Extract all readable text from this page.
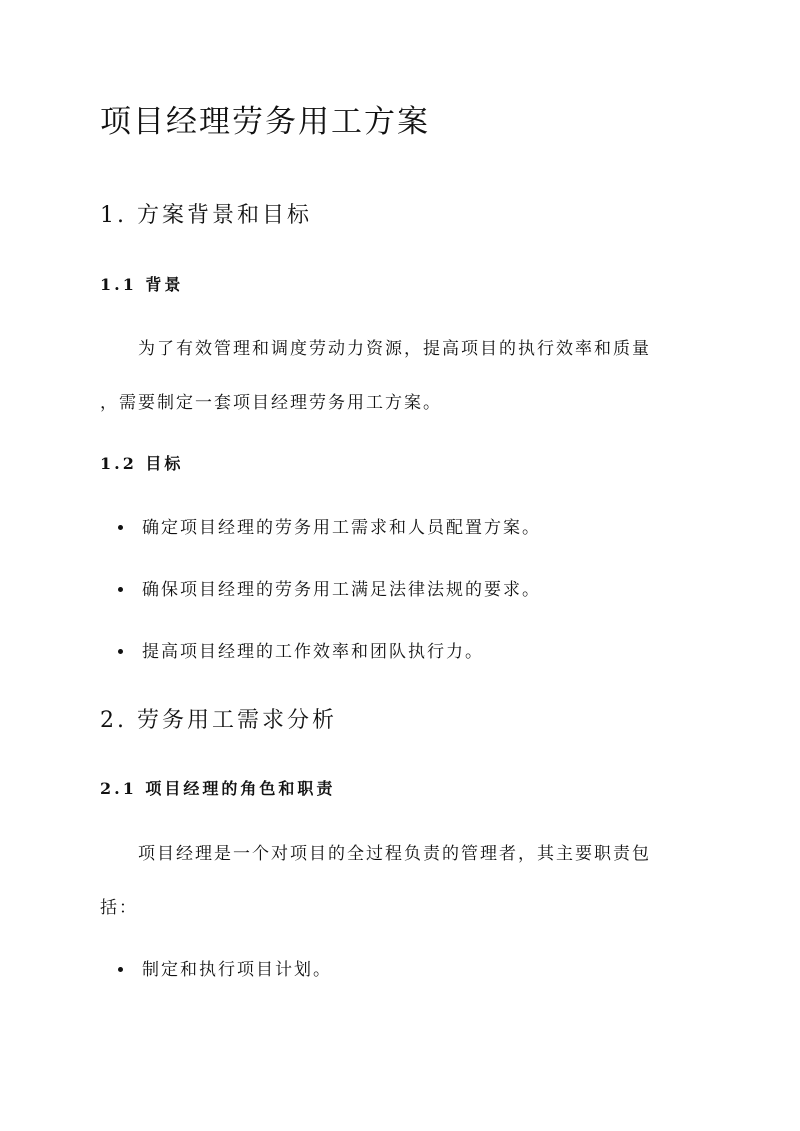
项目经理劳务用工方案
1. 方案背景和目标
1.1 背景
为了有效管理和调度劳动力资源，提高项目的执行效率和质量
，需要制定一套项目经理劳务用工方案。
1.2 目标
确定项目经理的劳务用工需求和人员配置方案。
确保项目经理的劳务用工满足法律法规的要求。
提高项目经理的工作效率和团队执行力。
2. 劳务用工需求分析
2.1 项目经理的角色和职责
项目经理是一个对项目的全过程负责的管理者，其主要职责包
括：
制定和执行项目计划。
